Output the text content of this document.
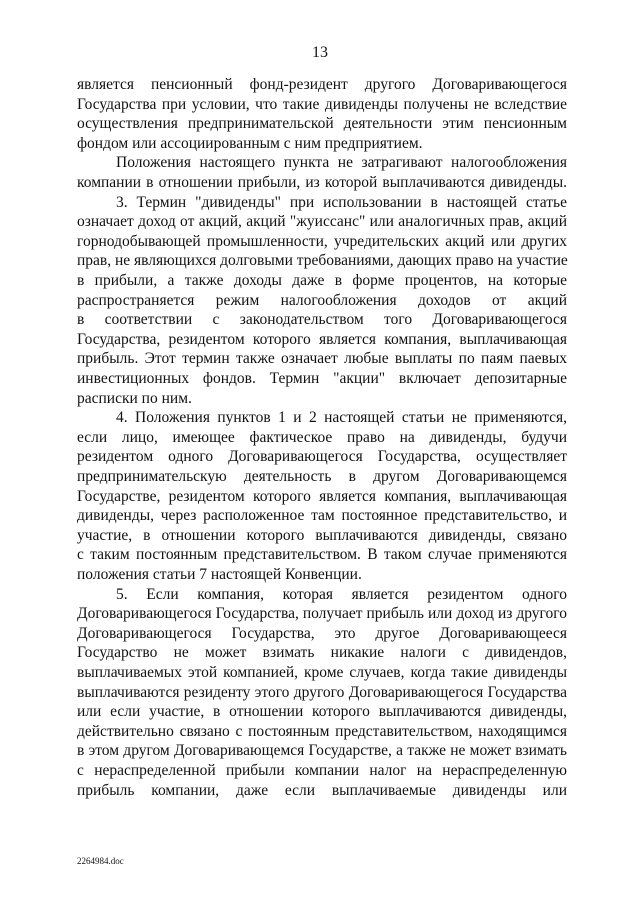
13
является пенсионный фонд-резидент другого Договаривающегося
Государства при условии, что такие дивиденды получены не вследствие
осуществления предпринимательской деятельности этим пенсионным
фондом или ассоциированным с ним предприятием.
Положения настоящего пункта не затрагивают налогообложения
компании в отношении прибыли, из которой выплачиваются дивиденды.
3. Термин "дивиденды" при использовании в настоящей статье
означает доход от акций, акций "жуиссанс" или аналогичных прав, акций
горнодобывающей промышленности, учредительских акций или других
прав, не являющихся долговыми требованиями, дающих право на участие
в прибыли, а также доходы даже в форме процентов, на которые
распространяется режим налогообложения доходов от акций
в соответствии с законодательством того Договаривающегося
Государства, резидентом которого является компания, выплачивающая
прибыль. Этот термин также означает любые выплаты по паям паевых
инвестиционных фондов. Термин "акции" включает депозитарные
расписки по ним.
4. Положения пунктов 1 и 2 настоящей статьи не применяются,
если лицо, имеющее фактическое право на дивиденды, будучи
резидентом одного Договаривающегося Государства, осуществляет
предпринимательскую деятельность в другом Договаривающемся
Государстве, резидентом которого является компания, выплачивающая
дивиденды, через расположенное там постоянное представительство, и
участие, в отношении которого выплачиваются дивиденды, связано
с таким постоянным представительством. В таком случае применяются
положения статьи 7 настоящей Конвенции.
5. Если компания, которая является резидентом одного
Договаривающегося Государства, получает прибыль или доход из другого
Договаривающегося Государства, это другое Договаривающееся
Государство не может взимать никакие налоги с дивидендов,
выплачиваемых этой компанией, кроме случаев, когда такие дивиденды
выплачиваются резиденту этого другого Договаривающегося Государства
или если участие, в отношении которого выплачиваются дивиденды,
действительно связано с постоянным представительством, находящимся
в этом другом Договаривающемся Государстве, а также не может взимать
с нераспределенной прибыли компании налог на нераспределенную
прибыль компании, даже если выплачиваемые дивиденды или
2264984.doc
